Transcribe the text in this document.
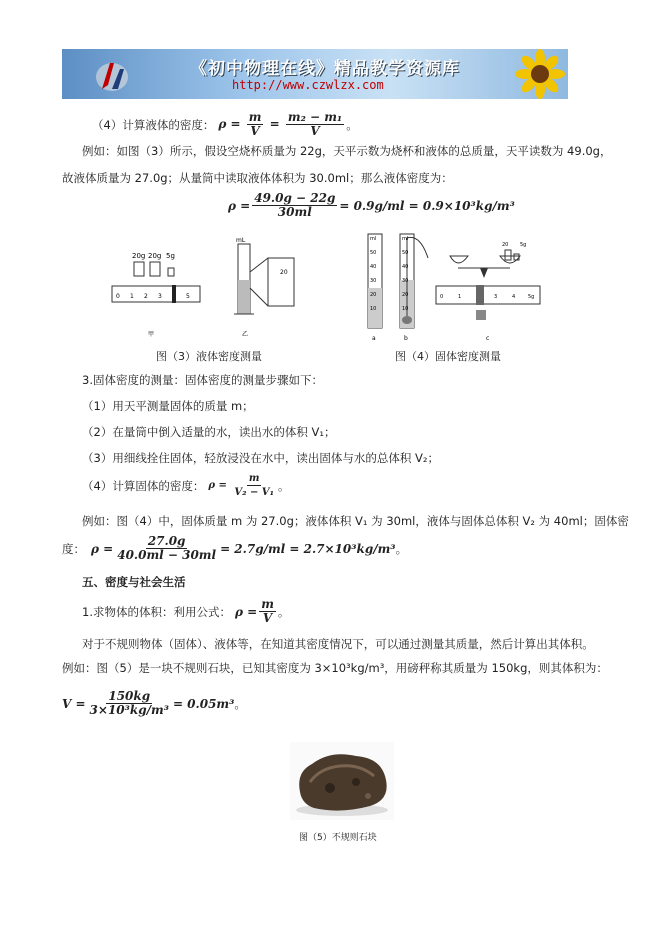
《初中物理在线》精品教学资源库
http://www.czwlzx.com
（4）计算液体的密度： $\rho = \frac{m}{V} = \frac{\text{m₂ − m₁}}{V}$ 。
例如：如图（3）所示，假设空烧杯质量为 22g，天平示数为烧杯和液体的总质量，天平读数为 49.0g，
故液体质量为 27.0g；从量筒中读取液体体积为 30.0ml；那么液体密度为：
$\rho = \frac{49.0g - 22g}{30ml} = 0.9g/ml = 0.9\times 10^3kg/m^3$
20g 20g 5g
0 1 2 3	5
甲
mL
20
乙
ml
50
40
30
20
10
ml
50
40
30
20
10
a	b
20 5g
0	1	3	4	5g
c
图（3）液体密度测量	图（4）固体密度测量
3.固体密度的测量：固体密度的测量步骤如下：
（1）用天平测量固体的质量 m；
（2）在量筒中倒入适量的水，读出水的体积 V₁；
（3）用细线拴住固体，轻放浸没在水中，读出固体与水的总体积 V₂；
（4）计算固体的密度： $\rho = \frac{m}{\text{V₂ − V₁}}$ 。
例如：图（4）中，固体质量 m 为 27.0g；液体体积 V₁ 为 30ml，液体与固体总体积 V₂ 为 40ml；固体密
度： $\rho = \frac{27.0g}{40.0ml - 30ml} = 2.7g/ml = 2.7\times 10^3kg/m^3$ 。
五、密度与社会生活
1.求物体的体积：利用公式： $\rho = \frac{m}{V}$ 。
对于不规则物体（固体）、液体等，在知道其密度情况下，可以通过测量其质量，然后计算出其体积。
例如：图（5）是一块不规则石块，已知其密度为 3×10³kg/m³，用磅秤称其质量为 150kg，则其体积为：
$V = \frac{150kg}{\text{3×10³kg/m³}} = 0.05m^3$ 。
图（5）不规则石块
